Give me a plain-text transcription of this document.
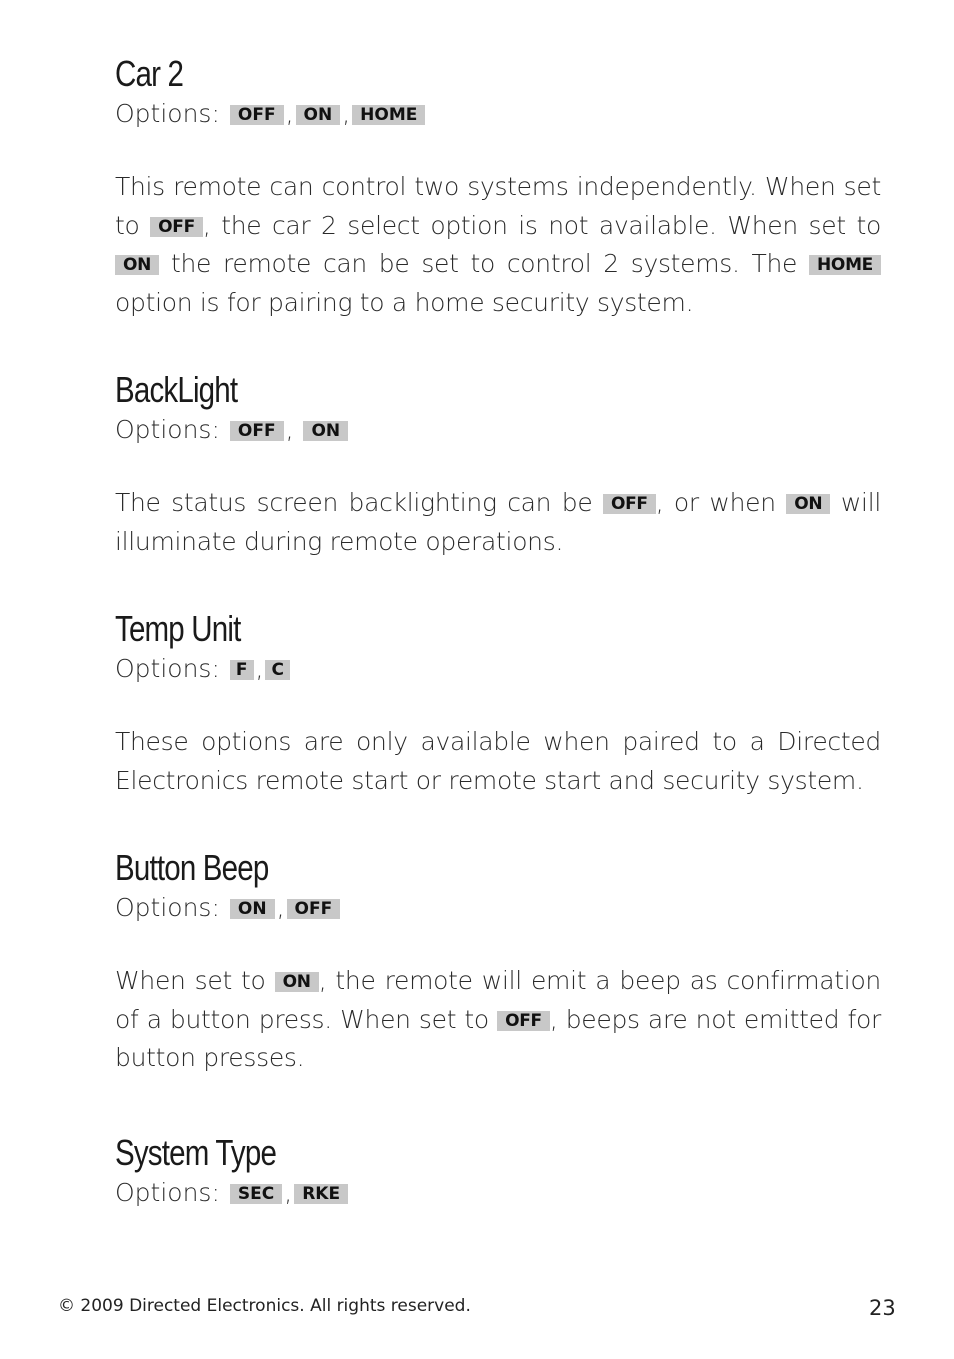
Car 2
Options: OFF , ON , HOME

This remote can control two systems independently. When set to OFF , the car 2 select option is not available. When set to ON the remote can be set to control 2 systems. The HOME option is for pairing to a home security system.

BackLight
Options: OFF , ON

The status screen backlighting can be OFF , or when ON will illuminate during remote operations.

Temp Unit
Options: F , C

These options are only available when paired to a Directed Electronics remote start or remote start and security system.

Button Beep
Options: ON , OFF

When set to ON , the remote will emit a beep as confirmation of a button press. When set to OFF , beeps are not emitted for button presses.

System Type
Options: SEC , RKE
© 2009 Directed Electronics. All rights reserved.	23
